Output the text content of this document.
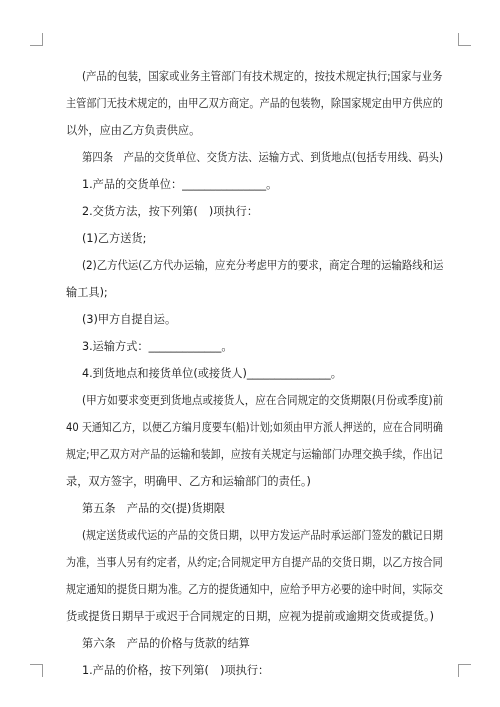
(产品的包装，国家或业务主管部门有技术规定的，按技术规定执行;国家与业务
主管部门无技术规定的，由甲乙双方商定。产品的包装物，除国家规定由甲方供应的
以外，应由乙方负责供应。
第四条　产品的交货单位、交货方法、运输方式、到货地点(包括专用线、码头)
1.产品的交货单位：_______________。
2.交货方法，按下列第(　)项执行：
(1)乙方送货;
(2)乙方代运(乙方代办运输，应充分考虑甲方的要求，商定合理的运输路线和运
输工具);
(3)甲方自提自运。
3.运输方式：_____________。
4.到货地点和接货单位(或接货人)_______________。
(甲方如要求变更到货地点或接货人，应在合同规定的交货期限(月份或季度)前
40 天通知乙方，以便乙方编月度要车(船)计划;如须由甲方派人押送的，应在合同明确
规定;甲乙双方对产品的运输和装卸，应按有关规定与运输部门办理交换手续，作出记
录，双方签字，明确甲、乙方和运输部门的责任。)
第五条　产品的交(提)货期限
(规定送货或代运的产品的交货日期，以甲方发运产品时承运部门签发的戳记日期
为准，当事人另有约定者，从约定;合同规定甲方自提产品的交货日期，以乙方按合同
规定通知的提货日期为准。乙方的提货通知中，应给予甲方必要的途中时间，实际交
货或提货日期早于或迟于合同规定的日期，应视为提前或逾期交货或提货。)
第六条　产品的价格与货款的结算
1.产品的价格，按下列第(　)项执行：
